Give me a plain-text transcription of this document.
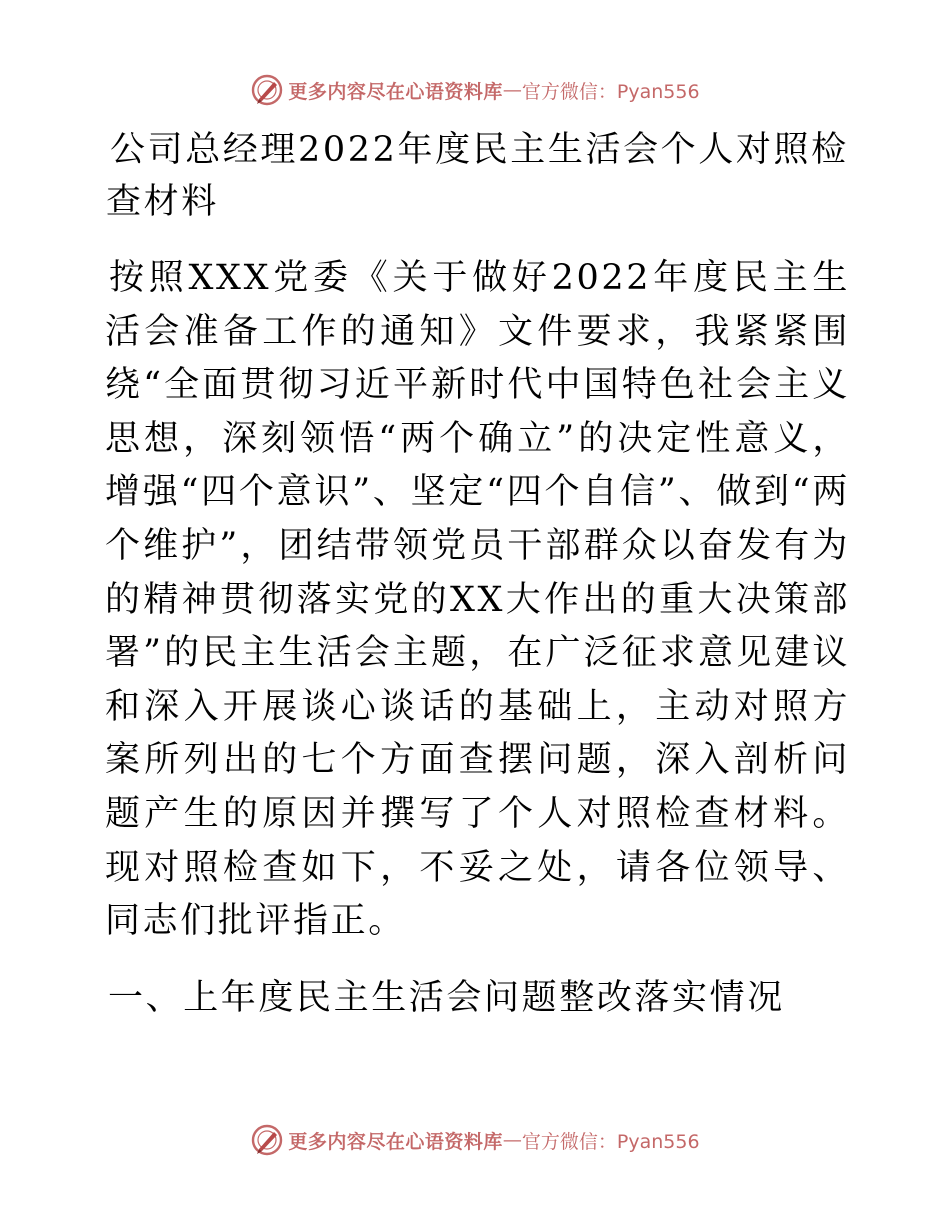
更多内容尽在心语资料库 — 官方微信：Pyan556
公司总经理2022年度民主生活会个人对照检查材料

按照XXX党委《关于做好2022年度民主生活会准备工作的通知》文件要求，我紧紧围绕“全面贯彻习近平新时代中国特色社会主义思想，深刻领悟“两个确立”的决定性意义，增强“四个意识”、坚定“四个自信”、做到“两个维护”，团结带领党员干部群众以奋发有为的精神贯彻落实党的XX大作出的重大决策部署”的民主生活会主题，在广泛征求意见建议和深入开展谈心谈话的基础上，主动对照方案所列出的七个方面查摆问题，深入剖析问题产生的原因并撰写了个人对照检查材料。现对照检查如下，不妥之处，请各位领导、同志们批评指正。

一、上年度民主生活会问题整改落实情况
更多内容尽在心语资料库 — 官方微信：Pyan556
